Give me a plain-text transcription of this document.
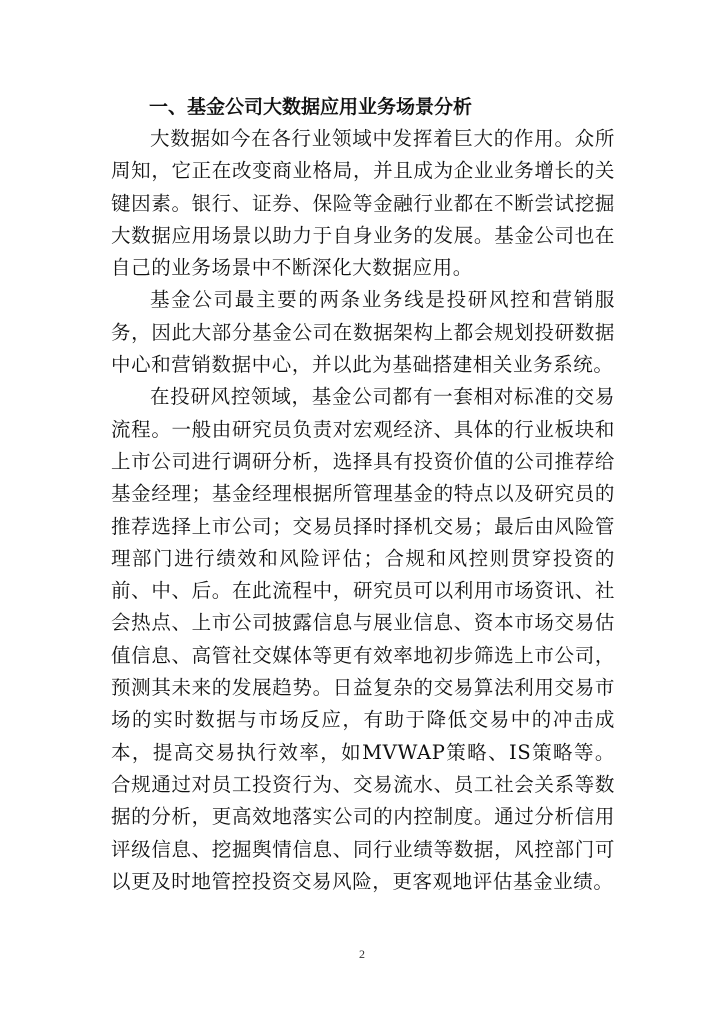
一、基金公司大数据应用业务场景分析

大数据如今在各行业领域中发挥着巨大的作用。众所周知，它正在改变商业格局，并且成为企业业务增长的关键因素。银行、证券、保险等金融行业都在不断尝试挖掘大数据应用场景以助力于自身业务的发展。基金公司也在自己的业务场景中不断深化大数据应用。

基金公司最主要的两条业务线是投研风控和营销服务，因此大部分基金公司在数据架构上都会规划投研数据中心和营销数据中心，并以此为基础搭建相关业务系统。

在投研风控领域，基金公司都有一套相对标准的交易流程。一般由研究员负责对宏观经济、具体的行业板块和上市公司进行调研分析，选择具有投资价值的公司推荐给基金经理；基金经理根据所管理基金的特点以及研究员的推荐选择上市公司；交易员择时择机交易；最后由风险管理部门进行绩效和风险评估；合规和风控则贯穿投资的前、中、后。在此流程中，研究员可以利用市场资讯、社会热点、上市公司披露信息与展业信息、资本市场交易估值信息、高管社交媒体等更有效率地初步筛选上市公司，预测其未来的发展趋势。日益复杂的交易算法利用交易市场的实时数据与市场反应，有助于降低交易中的冲击成本，提高交易执行效率，如MVWAP策略、IS策略等。合规通过对员工投资行为、交易流水、员工社会关系等数据的分析，更高效地落实公司的内控制度。通过分析信用评级信息、挖掘舆情信息、同行业绩等数据，风控部门可以更及时地管控投资交易风险，更客观地评估基金业绩。

2
